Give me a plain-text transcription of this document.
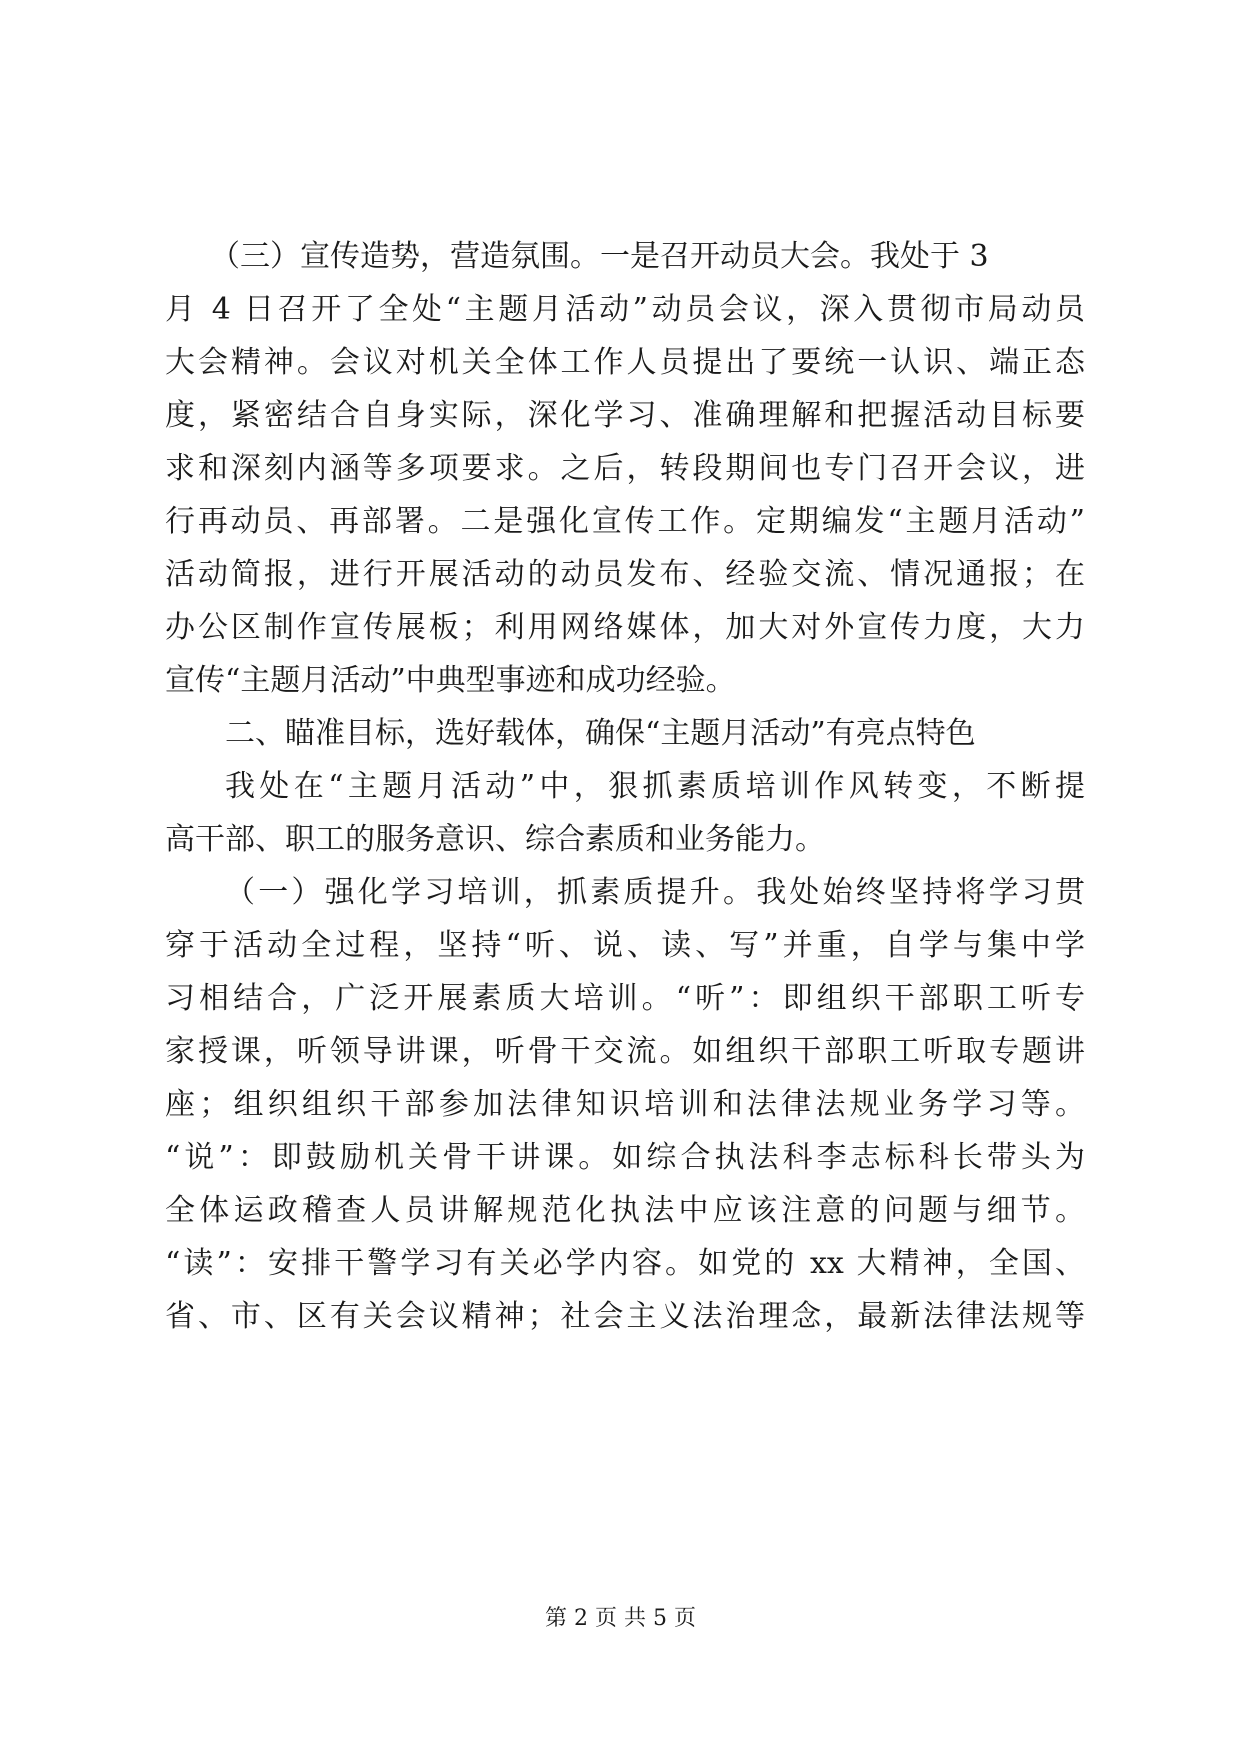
（三）宣传造势，营造氛围。一是召开动员大会。我处于 3
月 4 日召开了全处“主题月活动”动员会议，深入贯彻市局动员
大会精神。会议对机关全体工作人员提出了要统一认识、端正态
度，紧密结合自身实际，深化学习、准确理解和把握活动目标要
求和深刻内涵等多项要求。之后，转段期间也专门召开会议，进
行再动员、再部署。二是强化宣传工作。定期编发“主题月活动”
活动简报，进行开展活动的动员发布、经验交流、情况通报；在
办公区制作宣传展板；利用网络媒体，加大对外宣传力度，大力
宣传“主题月活动”中典型事迹和成功经验。
二、瞄准目标，选好载体，确保“主题月活动”有亮点特色
我处在“主题月活动”中，狠抓素质培训作风转变，不断提
高干部、职工的服务意识、综合素质和业务能力。
（一）强化学习培训，抓素质提升。我处始终坚持将学习贯
穿于活动全过程，坚持“听、说、读、写”并重，自学与集中学
习相结合，广泛开展素质大培训。“听”：即组织干部职工听专
家授课，听领导讲课，听骨干交流。如组织干部职工听取专题讲
座；组织组织干部参加法律知识培训和法律法规业务学习等。
“说”：即鼓励机关骨干讲课。如综合执法科李志标科长带头为
全体运政稽查人员讲解规范化执法中应该注意的问题与细节。
“读”：安排干警学习有关必学内容。如党的 xx 大精神，全国、
省、市、区有关会议精神；社会主义法治理念，最新法律法规等
第 2 页 共 5 页
